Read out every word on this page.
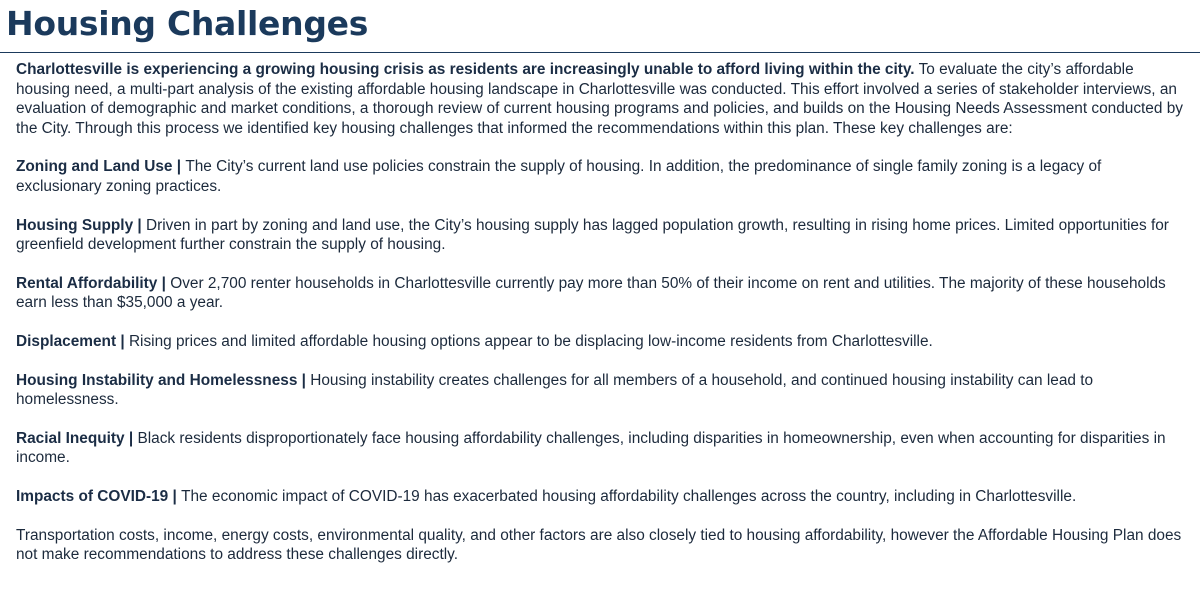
Housing Challenges

Charlottesville is experiencing a growing housing crisis as residents are increasingly unable to afford living within the city. To evaluate the city’s affordable housing need, a multi-part analysis of the existing affordable housing landscape in Charlottesville was conducted. This effort involved a series of stakeholder interviews, an evaluation of demographic and market conditions, a thorough review of current housing programs and policies, and builds on the Housing Needs Assessment conducted by the City. Through this process we identified key housing challenges that informed the recommendations within this plan. These key challenges are:

Zoning and Land Use | The City’s current land use policies constrain the supply of housing. In addition, the predominance of single family zoning is a legacy of exclusionary zoning practices.

Housing Supply | Driven in part by zoning and land use, the City’s housing supply has lagged population growth, resulting in rising home prices. Limited opportunities for greenfield development further constrain the supply of housing.

Rental Affordability | Over 2,700 renter households in Charlottesville currently pay more than 50% of their income on rent and utilities. The majority of these households earn less than $35,000 a year.

Displacement | Rising prices and limited affordable housing options appear to be displacing low-income residents from Charlottesville.

Housing Instability and Homelessness | Housing instability creates challenges for all members of a household, and continued housing instability can lead to homelessness.

Racial Inequity | Black residents disproportionately face housing affordability challenges, including disparities in homeownership, even when accounting for disparities in income.

Impacts of COVID-19 | The economic impact of COVID-19 has exacerbated housing affordability challenges across the country, including in Charlottesville.

Transportation costs, income, energy costs, environmental quality, and other factors are also closely tied to housing affordability, however the Affordable Housing Plan does not make recommendations to address these challenges directly.
